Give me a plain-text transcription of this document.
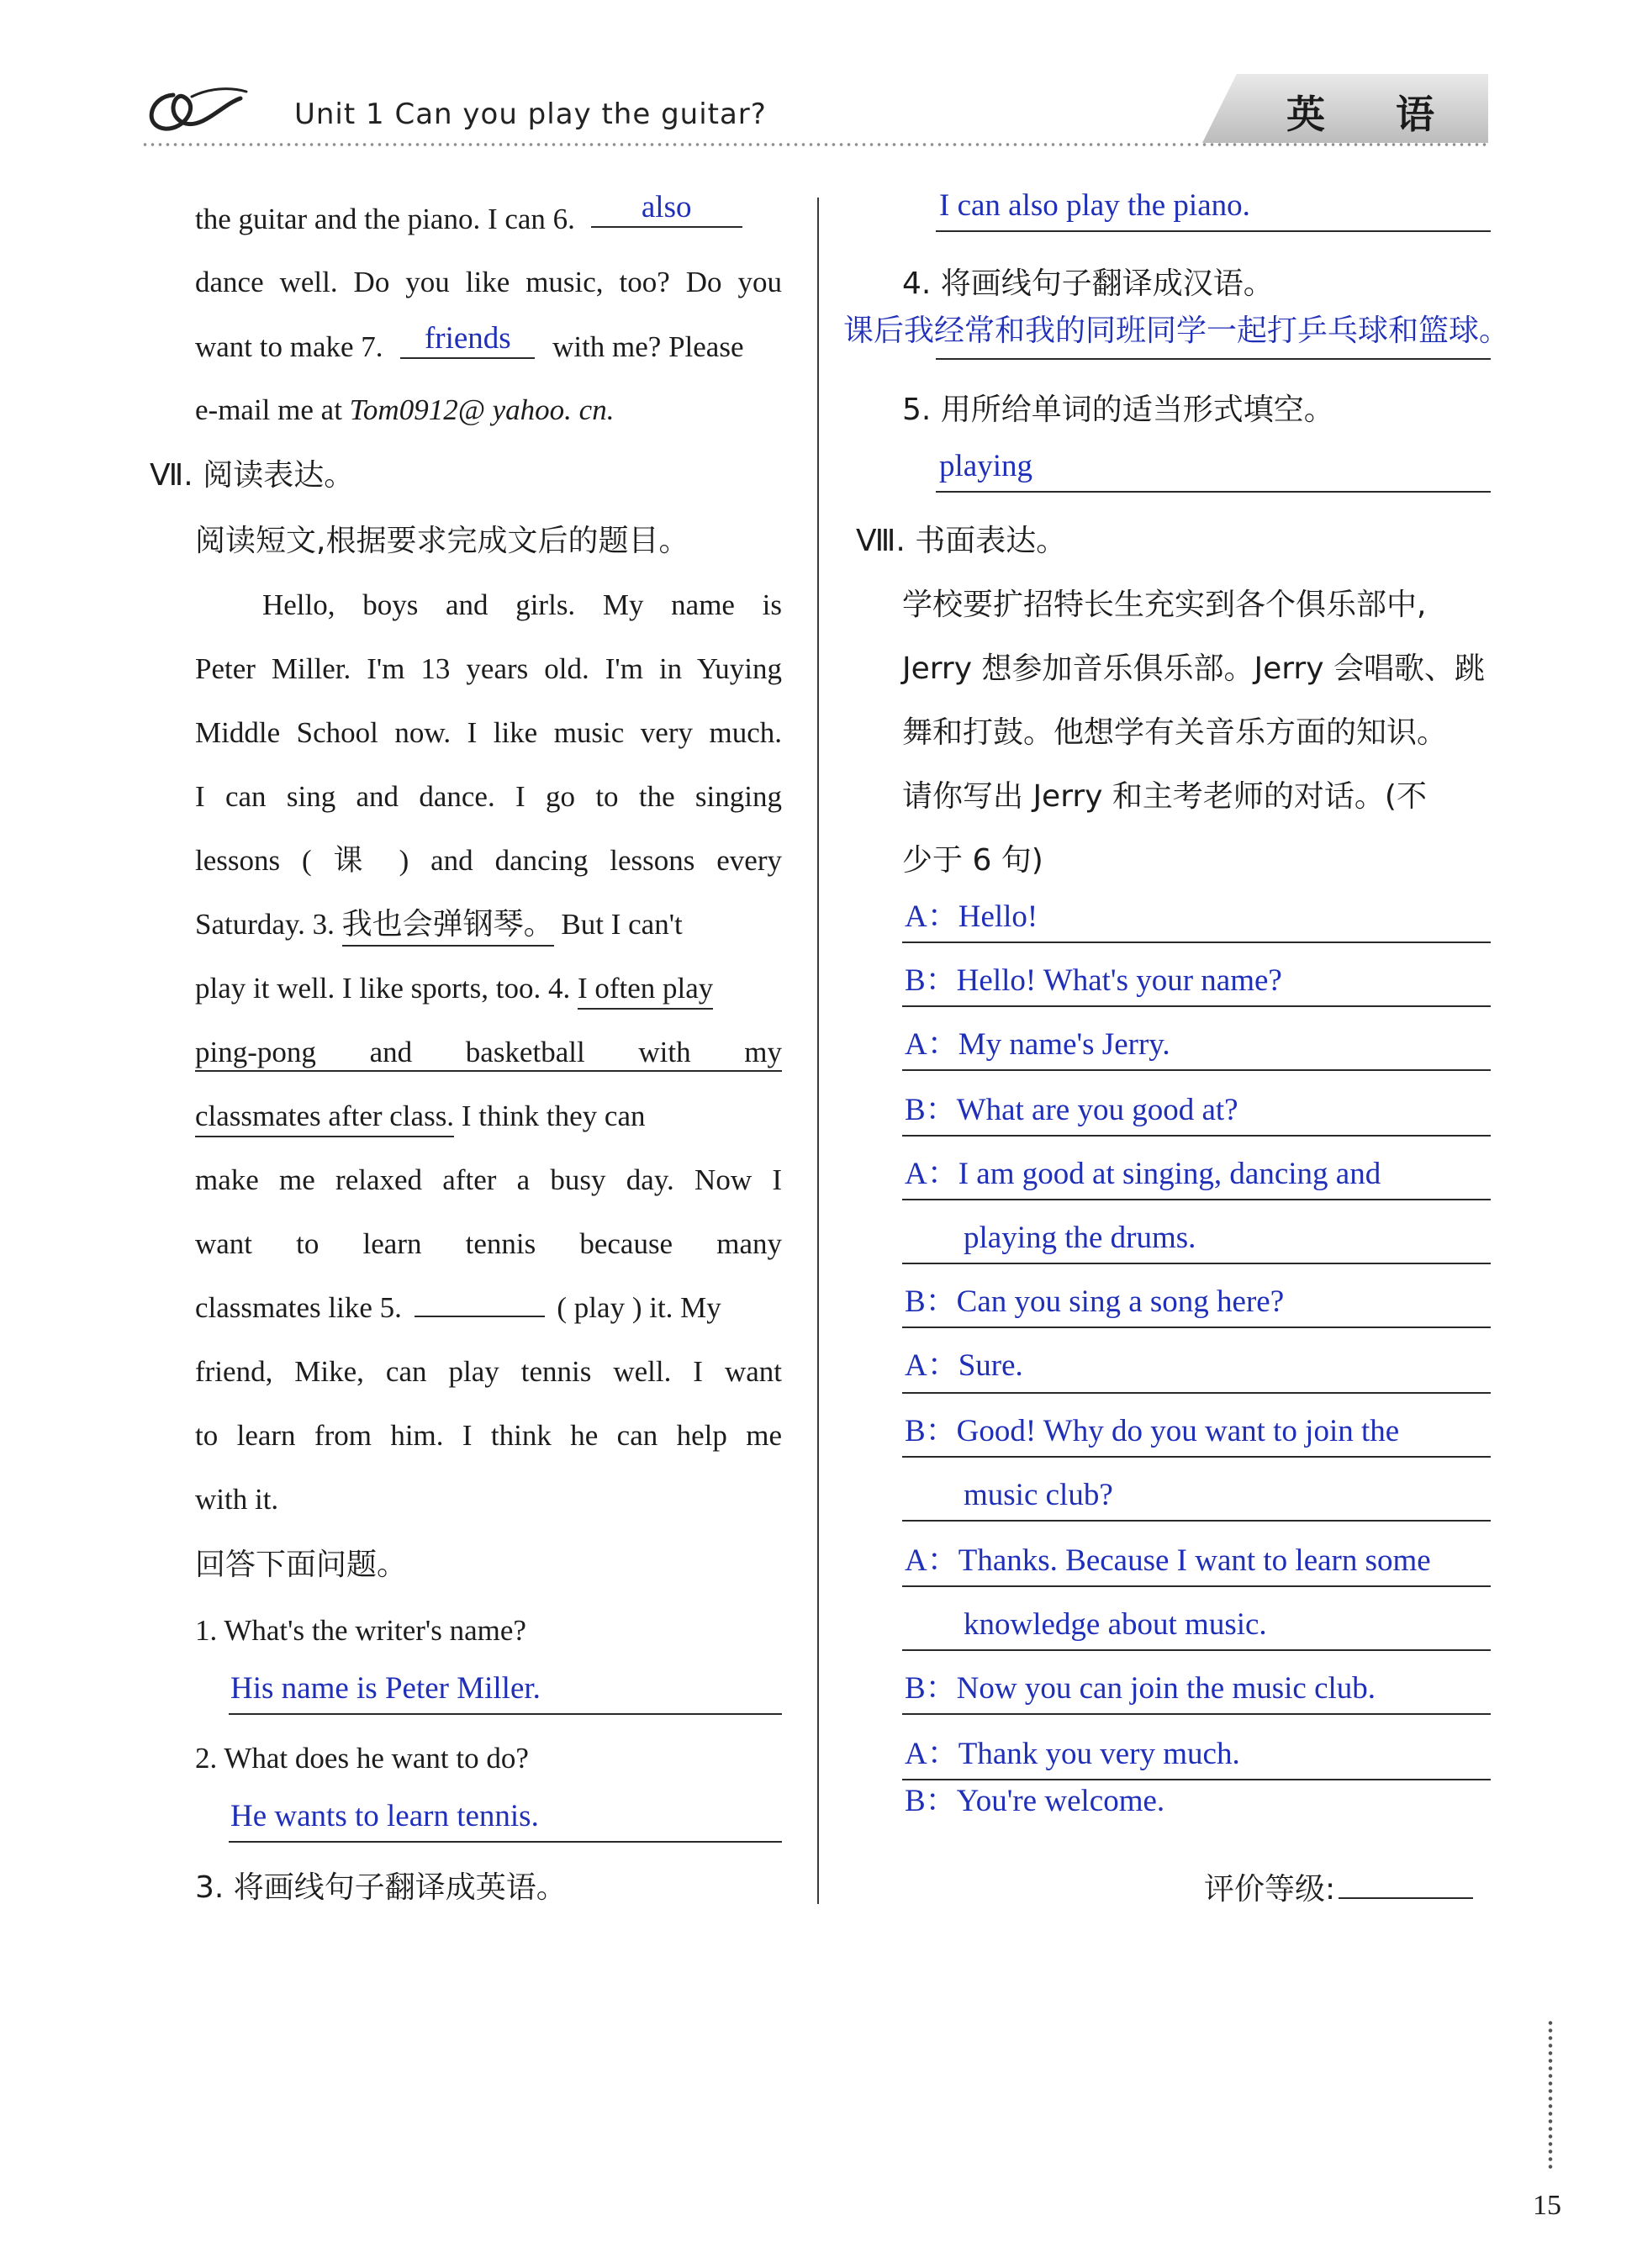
Unit 1 Can you play the guitar?	英 语
the guitar and the piano. I can 6. also
dance well. Do you like music, too? Do you
want to make 7. friends with me? Please
e-mail me at Tom0912@ yahoo. cn.
Ⅶ. 阅读表达。
阅读短文,根据要求完成文后的题目。
Hello, boys and girls. My name is
Peter Miller. I'm 13 years old. I'm in Yuying
Middle School now. I like music very much.
I can sing and dance. I go to the singing
lessons ( 课 ) and dancing lessons every
Saturday. 3. 我也会弹钢琴。 But I can't
play it well. I like sports, too. 4. I often play
ping-pong and basketball with my
classmates after class. I think they can
make me relaxed after a busy day. Now I
want to learn tennis because many
classmates like 5.	( play ) it. My
friend, Mike, can play tennis well. I want
to learn from him. I think he can help me
with it.
回答下面问题。
1. What's the writer's name?
His name is Peter Miller.
2. What does he want to do?
He wants to learn tennis.
3. 将画线句子翻译成英语。
I can also play the piano.
4. 将画线句子翻译成汉语。
课后我经常和我的同班同学一起打乒乓球和篮球。
5. 用所给单词的适当形式填空。
playing
Ⅷ. 书面表达。
学校要扩招特长生充实到各个俱乐部中,
Jerry 想参加音乐俱乐部。Jerry 会唱歌、跳
舞和打鼓。他想学有关音乐方面的知识。
请你写出 Jerry 和主考老师的对话。(不
少于 6 句)
A：Hello!
B：Hello! What's your name?
A：My name's Jerry.
B：What are you good at?
A：I am good at singing, dancing and
playing the drums.
B：Can you sing a song here?
A：Sure.
B：Good! Why do you want to join the
music club?
A：Thanks. Because I want to learn some
knowledge about music.
B：Now you can join the music club.
A：Thank you very much.
B：You're welcome.
评价等级:
15
